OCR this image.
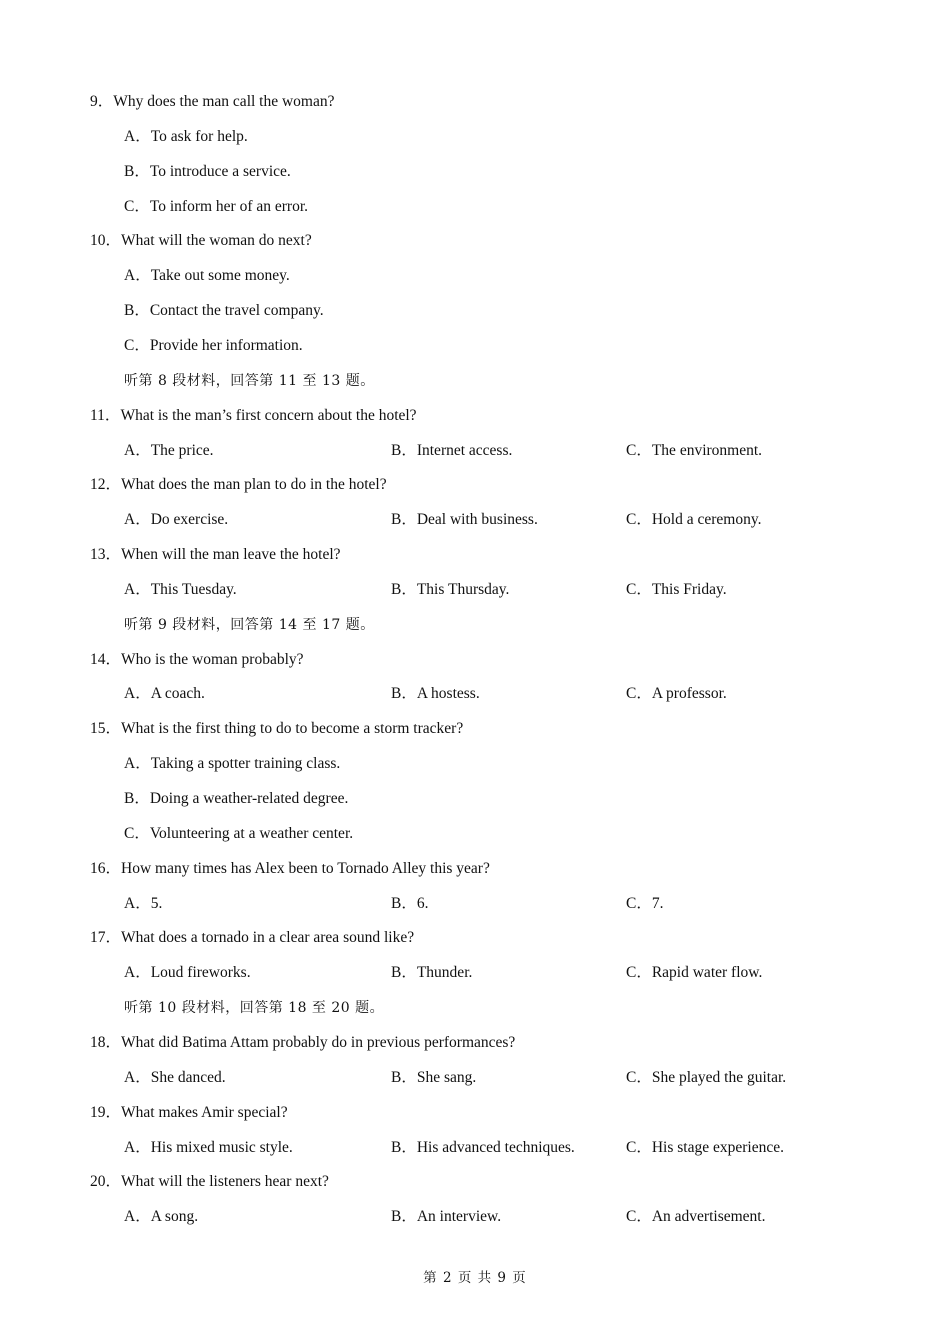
9．Why does the man call the woman?
A．To ask for help.
B．To introduce a service.
C．To inform her of an error.
10．What will the woman do next?
A．Take out some money.
B．Contact the travel company.
C．Provide her information.
听第 8 段材料，回答第 11 至 13 题。
11．What is the man’s first concern about the hotel?
A．The price.	B．Internet access.	C．The environment.
12．What does the man plan to do in the hotel?
A．Do exercise.	B．Deal with business.	C．Hold a ceremony.
13．When will the man leave the hotel?
A．This Tuesday.	B．This Thursday.	C．This Friday.
听第 9 段材料，回答第 14 至 17 题。
14．Who is the woman probably?
A．A coach.	B．A hostess.	C．A professor.
15．What is the first thing to do to become a storm tracker?
A．Taking a spotter training class.
B．Doing a weather-related degree.
C．Volunteering at a weather center.
16．How many times has Alex been to Tornado Alley this year?
A．5.	B．6.	C．7.
17．What does a tornado in a clear area sound like?
A．Loud fireworks.	B．Thunder.	C．Rapid water flow.
听第 10 段材料，回答第 18 至 20 题。
18．What did Batima Attam probably do in previous performances?
A．She danced.	B．She sang.	C．She played the guitar.
19．What makes Amir special?
A．His mixed music style.	B．His advanced techniques.	C．His stage experience.
20．What will the listeners hear next?
A．A song.	B．An interview.	C．An advertisement.
第 2 页 共 9 页
